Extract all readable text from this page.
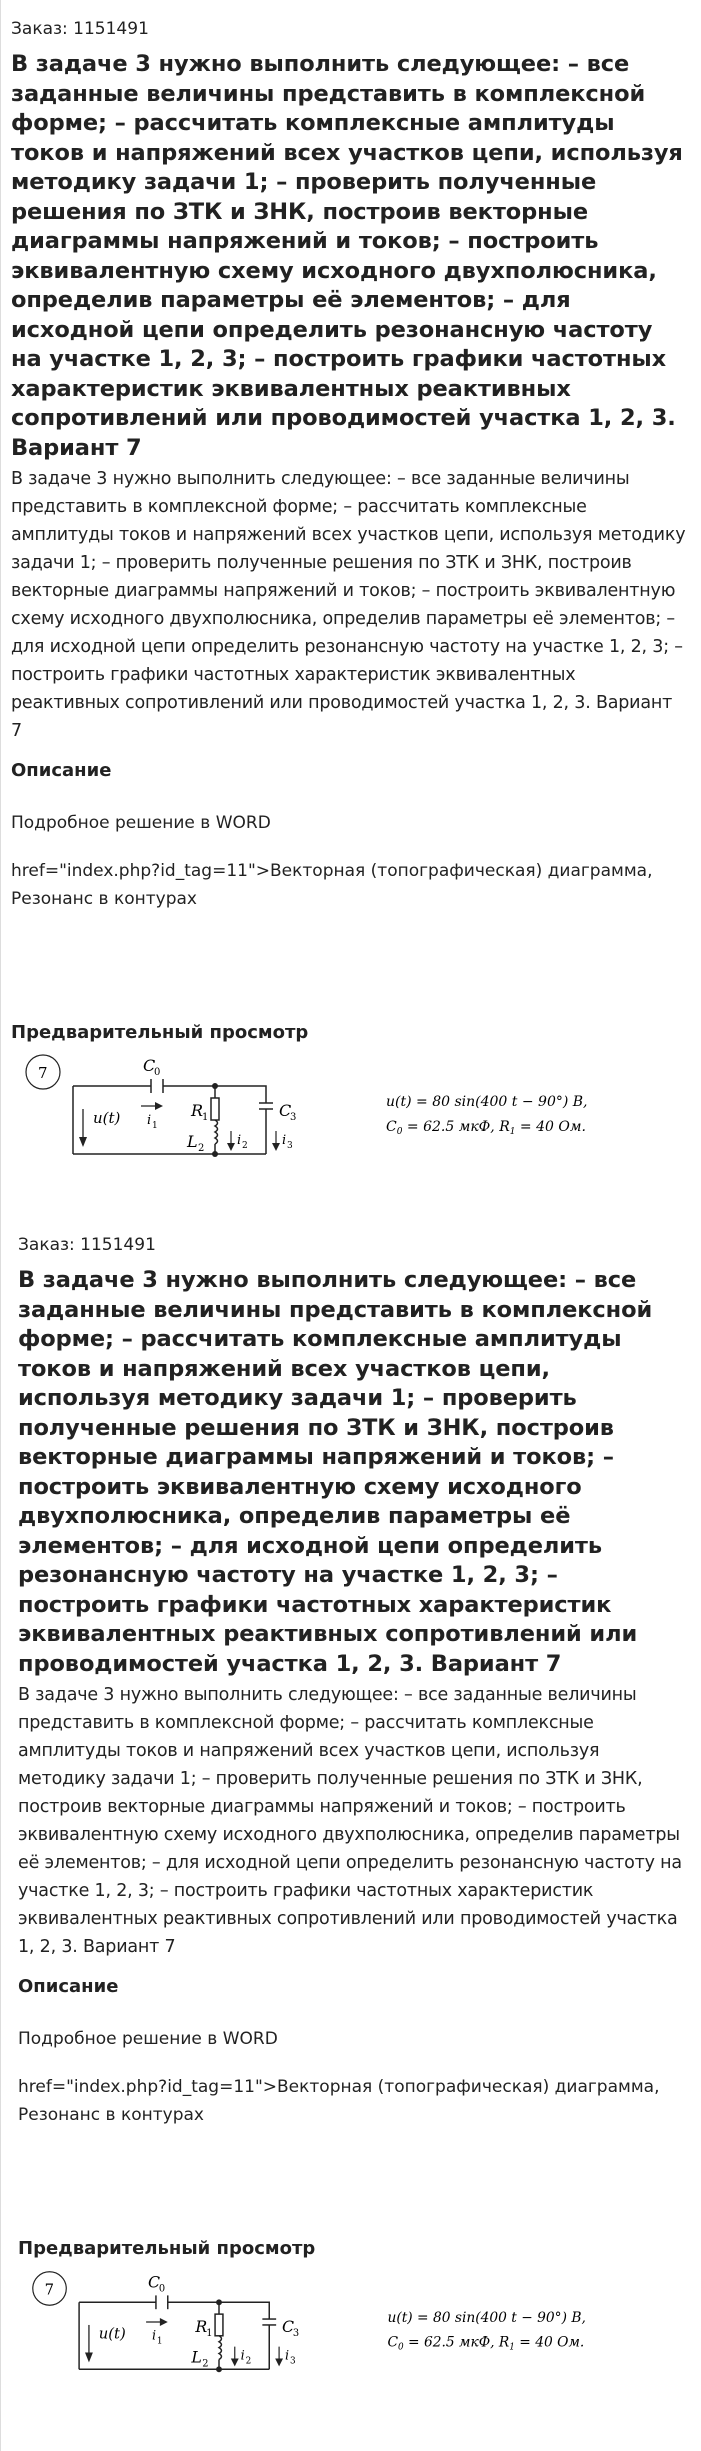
Заказ: 1151491

В задаче 3 нужно выполнить следующее: – все заданные величины представить в комплексной форме; – рассчитать комплексные амплитуды токов и напряжений всех участков цепи, используя методику задачи 1; – проверить полученные решения по ЗТК и ЗНК, построив векторные диаграммы напряжений и токов; – построить эквивалентную схему исходного двухполюсника, определив параметры её элементов; – для исходной цепи определить резонансную частоту на участке 1, 2, 3; – построить графики частотных характеристик эквивалентных реактивных сопротивлений или проводимостей участка 1, 2, 3. Вариант 7

В задаче 3 нужно выполнить следующее: – все заданные величины представить в комплексной форме; – рассчитать комплексные амплитуды токов и напряжений всех участков цепи, используя методику задачи 1; – проверить полученные решения по ЗТК и ЗНК, построив векторные диаграммы напряжений и токов; – построить эквивалентную схему исходного двухполюсника, определив параметры её элементов; – для исходной цепи определить резонансную частоту на участке 1, 2, 3; – построить графики частотных характеристик эквивалентных реактивных сопротивлений или проводимостей участка 1, 2, 3. Вариант 7

Описание

Подробное решение в WORD

href="index.php?id_tag=11">Векторная (топографическая) диаграмма, Резонанс в контурах

Предварительный просмотр
7
u(t) i 1
C
0
R
1
L 2
i 2
C
3
i 3
u(t) = 80 sin(400 t − 90°) В,
$C_0 = 62.5$ мкФ, $R_1 = 40$ Ом.

Заказ: 1151491

В задаче 3 нужно выполнить следующее: – все заданные величины представить в комплексной форме; – рассчитать комплексные амплитуды токов и напряжений всех участков цепи, используя методику задачи 1; – проверить полученные решения по ЗТК и ЗНК, построив векторные диаграммы напряжений и токов; – построить эквивалентную схему исходного двухполюсника, определив параметры её элементов; – для исходной цепи определить резонансную частоту на участке 1, 2, 3; – построить графики частотных характеристик эквивалентных реактивных сопротивлений или проводимостей участка 1, 2, 3. Вариант 7

В задаче 3 нужно выполнить следующее: – все заданные величины представить в комплексной форме; – рассчитать комплексные амплитуды токов и напряжений всех участков цепи, используя методику задачи 1; – проверить полученные решения по ЗТК и ЗНК, построив векторные диаграммы напряжений и токов; – построить эквивалентную схему исходного двухполюсника, определив параметры её элементов; – для исходной цепи определить резонансную частоту на участке 1, 2, 3; – построить графики частотных характеристик эквивалентных реактивных сопротивлений или проводимостей участка 1, 2, 3. Вариант 7

Описание

Подробное решение в WORD

href="index.php?id_tag=11">Векторная (топографическая) диаграмма, Резонанс в контурах

Предварительный просмотр
7
u(t) i 1
C
0
R
1
L 2
i 2
C
3
i 3
u(t) = 80 sin(400 t − 90°) В,
$C_0 = 62.5$ мкФ, $R_1 = 40$ Ом.
